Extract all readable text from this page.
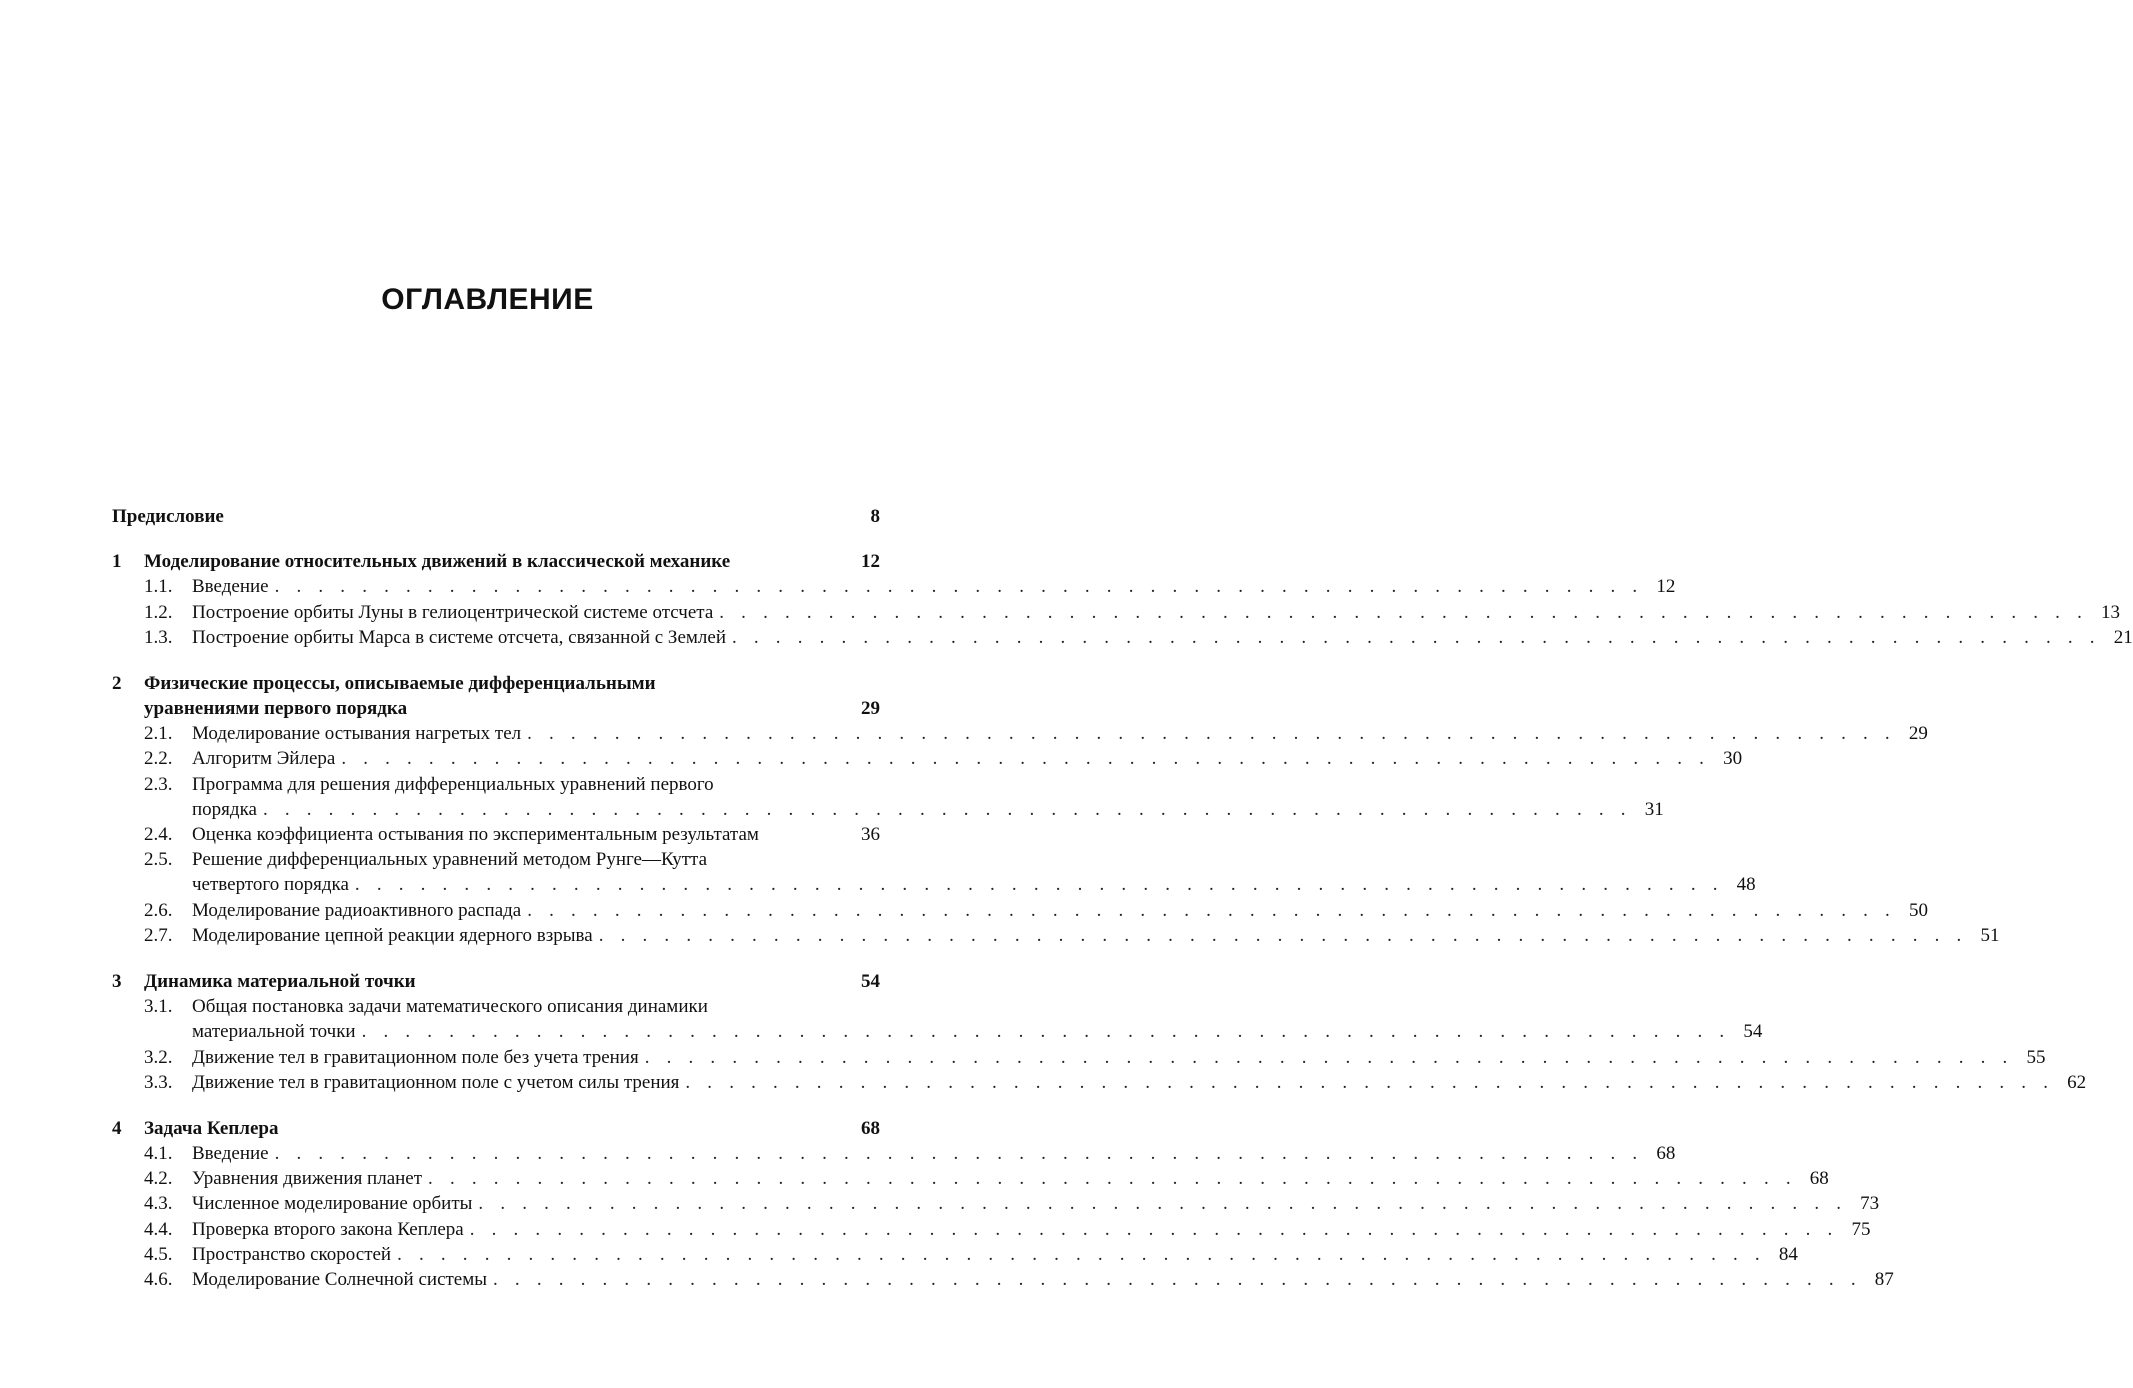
ОГЛАВЛЕНИЕ
Предисловие	8
1	Моделирование относительных движений в классической механике	12
1.1.	Введение . . . . . . . . . . . . . . . . . . . . . . . . . . . . . . . . . . . . . . . . . . . . . . . . . . . . . . . . . . . . . . . 12
1.2.	Построение орбиты Луны в гелиоцентрической системе отсчета . . . . . . . . . . . . . . . . . . . . . . . . . . . . . . . . . . . . . . . . . . . . . . . . . . . . . . . . . . . . . . . 13
1.3.	Построение орбиты Марса в системе отсчета, связанной с Землей . . . . . . . . . . . . . . . . . . . . . . . . . . . . . . . . . . . . . . . . . . . . . . . . . . . . . . . . . . . . . . . 21
2	Физические процессы, описываемые дифференциальными
уравнениями первого порядка	29
2.1.	Моделирование остывания нагретых тел . . . . . . . . . . . . . . . . . . . . . . . . . . . . . . . . . . . . . . . . . . . . . . . . . . . . . . . . . . . . . . . 29
2.2.	Алгоритм Эйлера . . . . . . . . . . . . . . . . . . . . . . . . . . . . . . . . . . . . . . . . . . . . . . . . . . . . . . . . . . . . . . . 30
2.3.	Программа для решения дифференциальных уравнений первого
порядка . . . . . . . . . . . . . . . . . . . . . . . . . . . . . . . . . . . . . . . . . . . . . . . . . . . . . . . . . . . . . . . 31
2.4.	Оценка коэффициента остывания по экспериментальным результатам	36
2.5.	Решение дифференциальных уравнений методом Рунге—Кутта
четвертого порядка . . . . . . . . . . . . . . . . . . . . . . . . . . . . . . . . . . . . . . . . . . . . . . . . . . . . . . . . . . . . . . . 48
2.6.	Моделирование радиоактивного распада . . . . . . . . . . . . . . . . . . . . . . . . . . . . . . . . . . . . . . . . . . . . . . . . . . . . . . . . . . . . . . . 50
2.7.	Моделирование цепной реакции ядерного взрыва . . . . . . . . . . . . . . . . . . . . . . . . . . . . . . . . . . . . . . . . . . . . . . . . . . . . . . . . . . . . . . . 51
3	Динамика материальной точки	54
3.1.	Общая постановка задачи математического описания динамики
материальной точки . . . . . . . . . . . . . . . . . . . . . . . . . . . . . . . . . . . . . . . . . . . . . . . . . . . . . . . . . . . . . . . 54
3.2.	Движение тел в гравитационном поле без учета трения . . . . . . . . . . . . . . . . . . . . . . . . . . . . . . . . . . . . . . . . . . . . . . . . . . . . . . . . . . . . . . . 55
3.3.	Движение тел в гравитационном поле с учетом силы трения . . . . . . . . . . . . . . . . . . . . . . . . . . . . . . . . . . . . . . . . . . . . . . . . . . . . . . . . . . . . . . . 62
4	Задача Кеплера	68
4.1.	Введение . . . . . . . . . . . . . . . . . . . . . . . . . . . . . . . . . . . . . . . . . . . . . . . . . . . . . . . . . . . . . . . 68
4.2.	Уравнения движения планет . . . . . . . . . . . . . . . . . . . . . . . . . . . . . . . . . . . . . . . . . . . . . . . . . . . . . . . . . . . . . . . 68
4.3.	Численное моделирование орбиты . . . . . . . . . . . . . . . . . . . . . . . . . . . . . . . . . . . . . . . . . . . . . . . . . . . . . . . . . . . . . . . 73
4.4.	Проверка второго закона Кеплера . . . . . . . . . . . . . . . . . . . . . . . . . . . . . . . . . . . . . . . . . . . . . . . . . . . . . . . . . . . . . . . 75
4.5.	Пространство скоростей . . . . . . . . . . . . . . . . . . . . . . . . . . . . . . . . . . . . . . . . . . . . . . . . . . . . . . . . . . . . . . . 84
4.6.	Моделирование Солнечной системы . . . . . . . . . . . . . . . . . . . . . . . . . . . . . . . . . . . . . . . . . . . . . . . . . . . . . . . . . . . . . . . 87
